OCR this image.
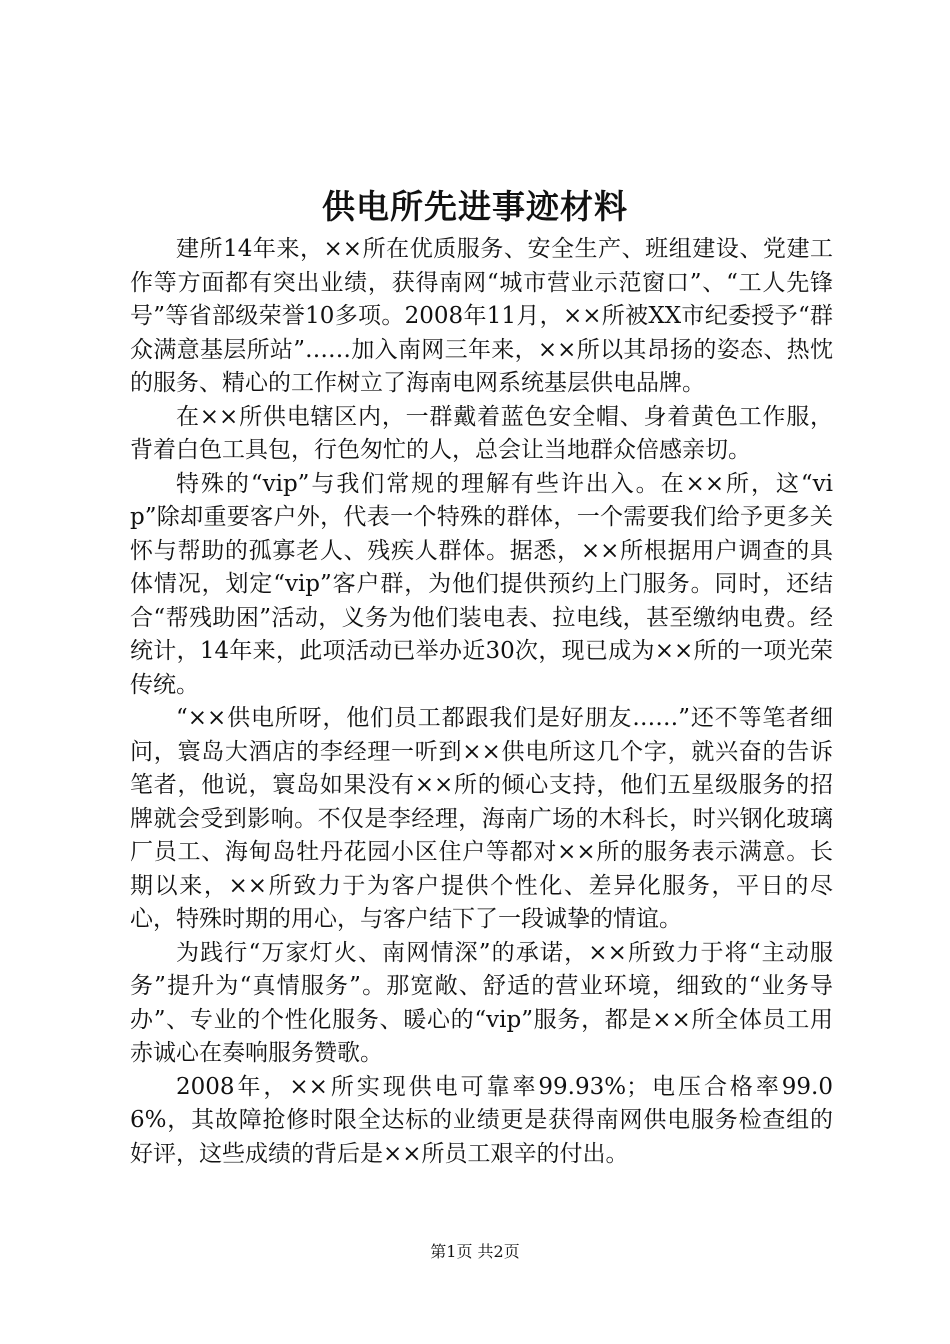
供电所先进事迹材料

建所14年来，××所在优质服务、安全生产、班组建设、党建工作等方面都有突出业绩，获得南网“城市营业示范窗口”、“工人先锋号”等省部级荣誉10多项。2008年11月，××所被XX市纪委授予“群众满意基层所站”……加入南网三年来，××所以其昂扬的姿态、热忱的服务、精心的工作树立了海南电网系统基层供电品牌。

在××所供电辖区内，一群戴着蓝色安全帽、身着黄色工作服，背着白色工具包，行色匆忙的人，总会让当地群众倍感亲切。

特殊的“vip”与我们常规的理解有些许出入。在××所，这“vip”除却重要客户外，代表一个特殊的群体，一个需要我们给予更多关怀与帮助的孤寡老人、残疾人群体。据悉，××所根据用户调查的具体情况，划定“vip”客户群，为他们提供预约上门服务。同时，还结合“帮残助困”活动，义务为他们装电表、拉电线，甚至缴纳电费。经统计，14年来，此项活动已举办近30次，现已成为××所的一项光荣传统。

“××供电所呀，他们员工都跟我们是好朋友……”还不等笔者细问，寰岛大酒店的李经理一听到××供电所这几个字，就兴奋的告诉笔者，他说，寰岛如果没有××所的倾心支持，他们五星级服务的招牌就会受到影响。不仅是李经理，海南广场的木科长，时兴钢化玻璃厂员工、海甸岛牡丹花园小区住户等都对××所的服务表示满意。长期以来，××所致力于为客户提供个性化、差异化服务，平日的尽心，特殊时期的用心，与客户结下了一段诚挚的情谊。

为践行“万家灯火、南网情深”的承诺，××所致力于将“主动服务”提升为“真情服务”。那宽敞、舒适的营业环境，细致的“业务导办”、专业的个性化服务、暖心的“vip”服务，都是××所全体员工用赤诚心在奏响服务赞歌。

2008年，××所实现供电可靠率99.93%；电压合格率99.06%，其故障抢修时限全达标的业绩更是获得南网供电服务检查组的好评，这些成绩的背后是××所员工艰辛的付出。

第1页 共2页
